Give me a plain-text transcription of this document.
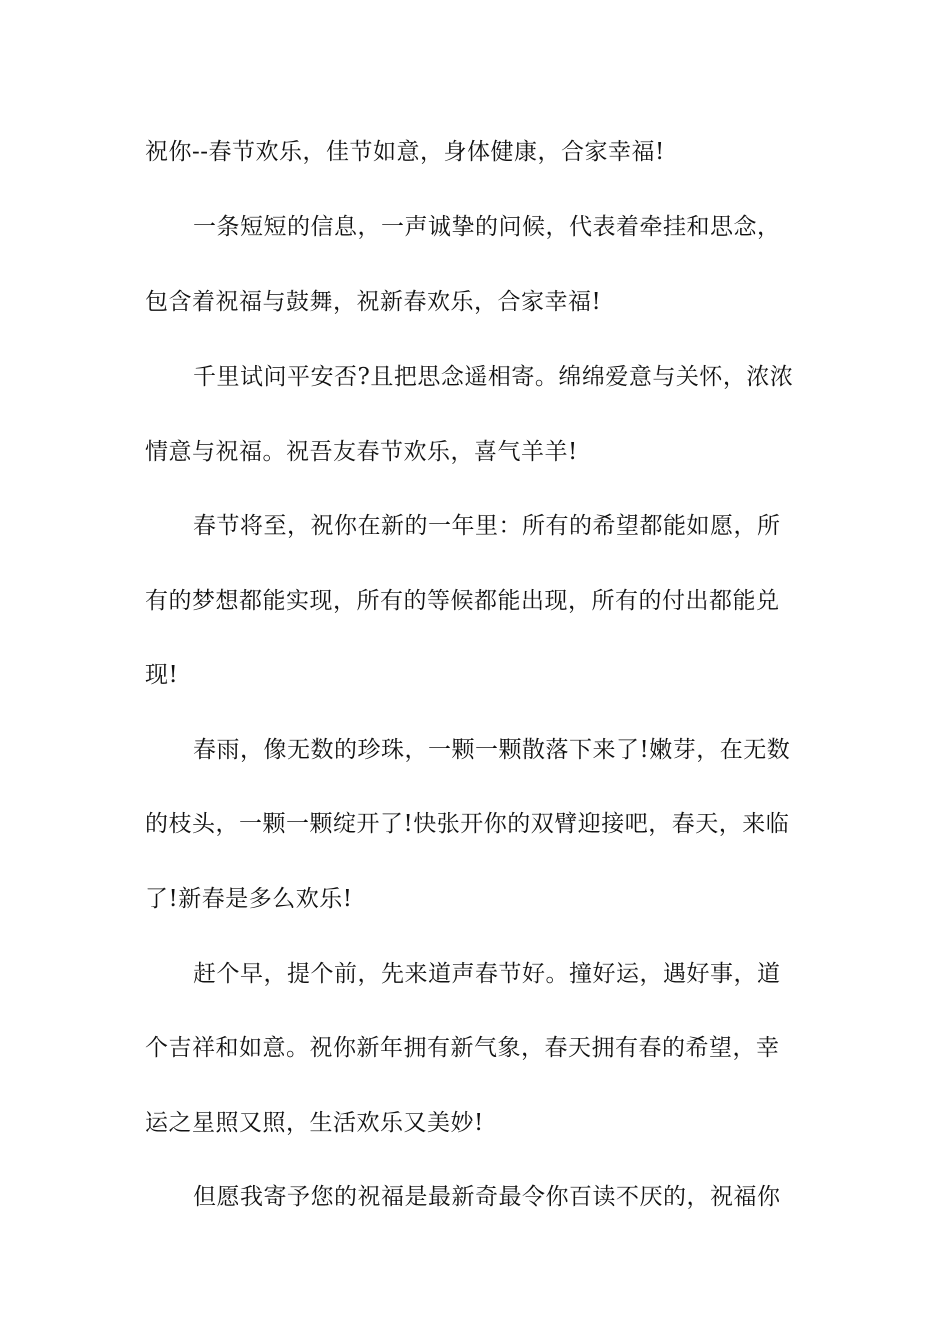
祝你--春节欢乐，佳节如意，身体健康，合家幸福!
一条短短的信息，一声诚挚的问候，代表着牵挂和思念，
包含着祝福与鼓舞，祝新春欢乐，合家幸福!
千里试问平安否?且把思念遥相寄。绵绵爱意与关怀，浓浓
情意与祝福。祝吾友春节欢乐，喜气羊羊!
春节将至，祝你在新的一年里：所有的希望都能如愿，所
有的梦想都能实现，所有的等候都能出现，所有的付出都能兑
现!
春雨，像无数的珍珠，一颗一颗散落下来了!嫩芽，在无数
的枝头，一颗一颗绽开了!快张开你的双臂迎接吧，春天，来临
了!新春是多么欢乐!
赶个早，提个前，先来道声春节好。撞好运，遇好事，道
个吉祥和如意。祝你新年拥有新气象，春天拥有春的希望，幸
运之星照又照，生活欢乐又美妙!
但愿我寄予您的祝福是最新奇最令你百读不厌的，祝福你
